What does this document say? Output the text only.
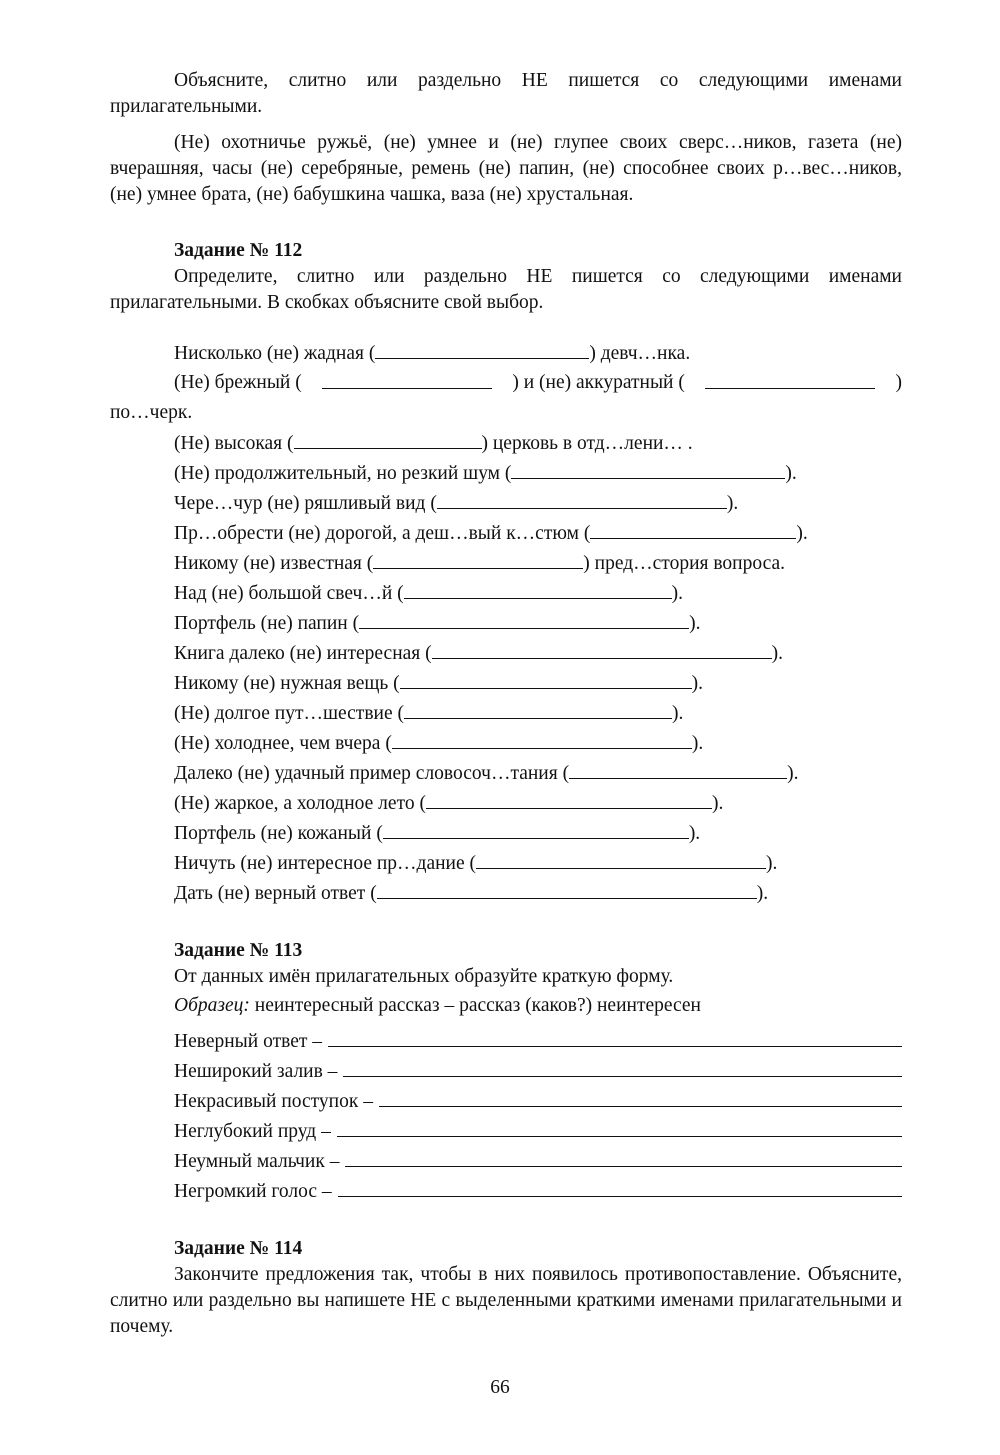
Объясните, слитно или раздельно НЕ пишется со следующими именами прилагательными.

(Не) охотничье ружьё, (не) умнее и (не) глупее своих сверс…ников, газета (не) вчерашняя, часы (не) серебряные, ремень (не) папин, (не) способнее своих р…вес…ников, (не) умнее брата, (не) бабушкина чашка, ваза (не) хрустальная.

Задание № 112

Определите, слитно или раздельно НЕ пишется со следующими именами прилагательными. В скобках объясните свой выбор.

Нисколько (не) жадная (	) девч…нка.
(Не) брежный (	) и (не) аккуратный (	)
по…черк.
(Не) высокая (	) церковь в отд…лени… .
(Не) продолжительный, но резкий шум (	).
Чере…чур (не) ряшливый вид (	).
Пр…обрести (не) дорогой, а деш…вый к…стюм (	).
Никому (не) известная (	) пред…стория вопроса.
Над (не) большой свеч…й (	).
Портфель (не) папин (	).
Книга далеко (не) интересная (	).
Никому (не) нужная вещь (	).
(Не) долгое пут…шествие (	).
(Не) холоднее, чем вчера (	).
Далеко (не) удачный пример словосоч…тания (	).
(Не) жаркое, а холодное лето (	).
Портфель (не) кожаный (	).
Ничуть (не) интересное пр…дание (	).
Дать (не) верный ответ (	).
Задание № 113

От данных имён прилагательных образуйте краткую форму.

Образец: неинтересный рассказ – рассказ (каков?) неинтересен
Неверный ответ –
Неширокий залив –
Некрасивый поступок –
Неглубокий пруд –
Неумный мальчик –
Негромкий голос –
Задание № 114

Закончите предложения так, чтобы в них появилось противопоставление. Объясните, слитно или раздельно вы напишете НЕ с выделенными краткими именами прилагательными и почему.

66
